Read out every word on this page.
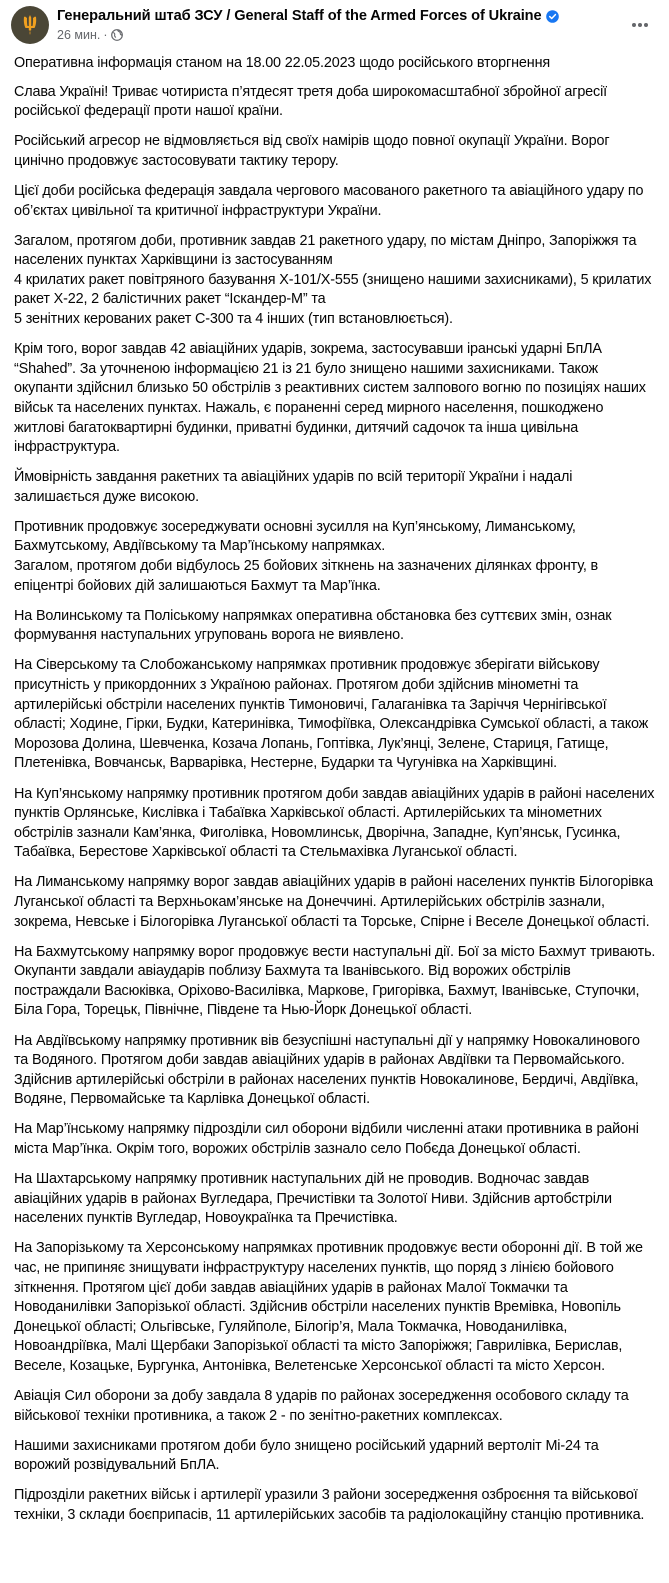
Генеральний штаб ЗСУ / General Staff of the Armed Forces of Ukraine
26 мин. ·

Оперативна інформація станом на 18.00 22.05.2023 щодо російського вторгнення

Слава Україні! Триває чотириста п’ятдесят третя доба широкомасштабної збройної агресії російської федерації проти нашої країни.

Російський агресор не відмовляється від своїх намірів щодо повної окупації України. Ворог цинічно продовжує застосовувати тактику терору.

Цієї доби російська федерація завдала чергового масованого ракетного та авіаційного удару по об’єктах цивільної та критичної інфраструктури України.

Загалом, протягом доби, противник завдав 21 ракетного удару, по містам Дніпро, Запоріжжя та населених пунктах Харківщини із застосуванням
4 крилатих ракет повітряного базування Х-101/Х-555 (знищено нашими захисниками), 5 крилатих ракет Х-22, 2 балістичних ракет “Іскандер-М” та
5 зенітних керованих ракет С-300 та 4 інших (тип встановлюється).

Крім того, ворог завдав 42 авіаційних ударів, зокрема, застосувавши іранські ударні БпЛА “Shahed”. За уточненою інформацією 21 із 21 було знищено нашими захисниками. Також окупанти здійснил близько 50 обстрілів з реактивних систем залпового вогню по позиціях наших військ та населених пунктах. Нажаль, є пораненні серед мирного населення, пошкоджено житлові багатоквартирні будинки, приватні будинки, дитячий садочок та інша цивільна інфраструктура.

Ймовірність завдання ракетних та авіаційних ударів по всій території України і надалі залишається дуже високою.

Противник продовжує зосереджувати основні зусилля на Куп’янському, Лиманському, Бахмутському, Авдіївському та Мар’їнському напрямках.
Загалом, протягом доби відбулось 25 бойових зіткнень на зазначених ділянках фронту, в епіцентрі бойових дій залишаються Бахмут та Мар’їнка.

На Волинському та Поліському напрямках оперативна обстановка без суттєвих змін, ознак формування наступальних угруповань ворога не виявлено.

На Сіверському та Слобожанському напрямках противник продовжує зберігати військову присутність у прикордонних з Україною районах. Протягом доби здійснив мінометні та артилерійські обстріли населених пунктів Тимоновичі, Галаганівка та Заріччя Чернігівської області; Ходине, Гірки, Будки, Катеринівка, Тимофіївка, Олександрівка Сумської області, а також Морозова Долина, Шевченка, Козача Лопань, Гоптівка, Лук’янці, Зелене, Стариця, Гатище, Плетенівка, Вовчанськ, Варварівка, Нестерне, Бударки та Чугунівка на Харківщині.

На Куп’янському напрямку противник протягом доби завдав авіаційних ударів в районі населених пунктів Орлянське, Кислівка і Табаївка Харківської області. Артилерійських та мінометних обстрілів зазнали Кам’янка, Фиголівка, Новомлинськ, Дворічна, Западне, Куп’янськ, Гусинка, Табаївка, Берестове Харківської області та Стельмахівка Луганської області.

На Лиманському напрямку ворог завдав авіаційних ударів в районі населених пунктів Білогорівка Луганської області та Верхньокам’янське на Донеччині. Артилерійських обстрілів зазнали, зокрема, Невське і Білогорівка Луганської області та Торське, Спірне і Веселе Донецької області.

На Бахмутському напрямку ворог продовжує вести наступальні дії. Бої за місто Бахмут тривають. Окупанти завдали авіаударів поблизу Бахмута та Іванівського. Від ворожих обстрілів постраждали Васюківка, Оріхово-Василівка, Маркове, Григорівка, Бахмут, Іванівське, Ступочки, Біла Гора, Торецьк, Північне, Південе та Нью-Йорк Донецької області.

На Авдіївському напрямку противник вів безуспішні наступальні дії у напрямку Новокалинового та Водяного. Протягом доби завдав авіаційних ударів в районах Авдіївки та Первомайського. Здійснив артилерійські обстріли в районах населених пунктів Новокалинове, Бердичі, Авдіївка, Водяне, Первомайське та Карлівка Донецької області.

На Мар’їнському напрямку підрозділи сил оборони відбили численні атаки противника в районі міста Мар’їнка. Окрім того, ворожих обстрілів зазнало село Побєда Донецької області.

На Шахтарському напрямку противник наступальних дій не проводив. Водночас завдав авіаційних ударів в районах Вугледара, Пречистівки та Золотої Ниви. Здійснив артобстріли населених пунктів Вугледар, Новоукраїнка та Пречистівка.

На Запорізькому та Херсонському напрямках противник продовжує вести оборонні дії. В той же час, не припиняє знищувати інфраструктуру населених пунктів, що поряд з лінією бойового зіткнення. Протягом цієї доби завдав авіаційних ударів в районах Малої Токмачки та Новоданилівки Запорізької області. Здійснив обстріли населених пунктів Времівка, Новопіль Донецької області; Ольгівське, Гуляйполе, Білогір’я, Мала Токмачка, Новоданилівка, Новоандріївка, Малі Щербаки Запорізької області та місто Запоріжжя; Гаврилівка, Берислав, Веселе, Козацьке, Бургунка, Антонівка, Велетенське Херсонської області та місто Херсон.

Авіація Сил оборони за добу завдала 8 ударів по районах зосередження особового складу та військової техніки противника, а також 2 - по зенітно-ракетних комплексах.

Нашими захисниками протягом доби було знищено російський ударний вертоліт Мі-24 та ворожий розвідувальний БпЛА.

Підрозділи ракетних військ і артилерії уразили 3 райони зосередження озброєння та військової техніки, 3 склади боєприпасів, 11 артилерійських засобів та радіолокаційну станцію противника.
